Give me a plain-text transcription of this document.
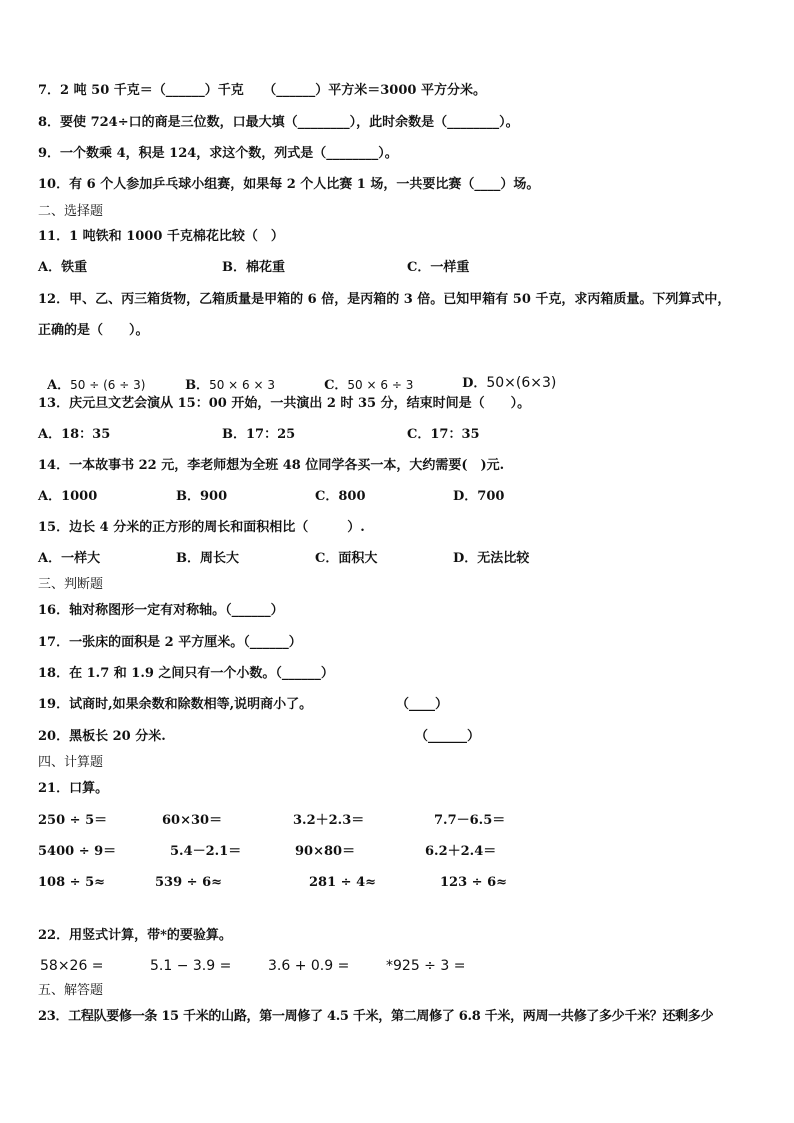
7．2 吨 50 千克＝（______）千克　　（______）平方米＝3000 平方分米。
8．要使 724÷口的商是三位数，口最大填（________），此时余数是（________）。
9．一个数乘 4，积是 124，求这个数，列式是（________）。
10．有 6 个人参加乒乓球小组赛，如果每 2 个人比赛 1 场，一共要比赛（____）场。
二、选择题
11．1 吨铁和 1000 千克棉花比较（　）
A．铁重	B．棉花重	C．一样重
12．甲、乙、丙三箱货物，乙箱质量是甲箱的 6 倍，是丙箱的 3 倍。已知甲箱有 50 千克，求丙箱质量。下列算式中，
正确的是（　　）。

A．50 ÷ (6 ÷ 3)	B．50 × 6 × 3	C．50 × 6 ÷ 3	D．50×(6×3)

13．庆元旦文艺会演从 15：00 开始，一共演出 2 时 35 分，结束时间是（　　）。
A．18：35	B．17：25	C．17：35
14．一本故事书 22 元，李老师想为全班 48 位同学各买一本，大约需要(　)元.
A．1000	B．900	C．800	D．700
15．边长 4 分米的正方形的周长和面积相比（　　　）.
A．一样大	B．周长大	C．面积大	D．无法比较
三、判断题
16．轴对称图形一定有对称轴。（______）
17．一张床的面积是 2 平方厘米。（______）
18．在 1.7 和 1.9 之间只有一个小数。（______）
19．试商时,如果余数和除数相等,说明商小了。	（____）
20．黑板长 20 分米.	（______）
四、计算题
21．口算。
250 ÷ 5＝	60×30＝	3.2＋2.3＝	7.7－6.5＝
5400 ÷ 9＝	5.4－2.1＝	90×80＝	6.2＋2.4＝
108 ÷ 5≈	539 ÷ 6≈	281 ÷ 4≈	123 ÷ 6≈
22．用竖式计算，带*的要验算。
58×26 =	5.1 − 3.9 =	3.6 + 0.9 =	*925 ÷ 3 =
五、解答题
23．工程队要修一条 15 千米的山路，第一周修了 4.5 千米，第二周修了 6.8 千米，两周一共修了多少千米？还剩多少
